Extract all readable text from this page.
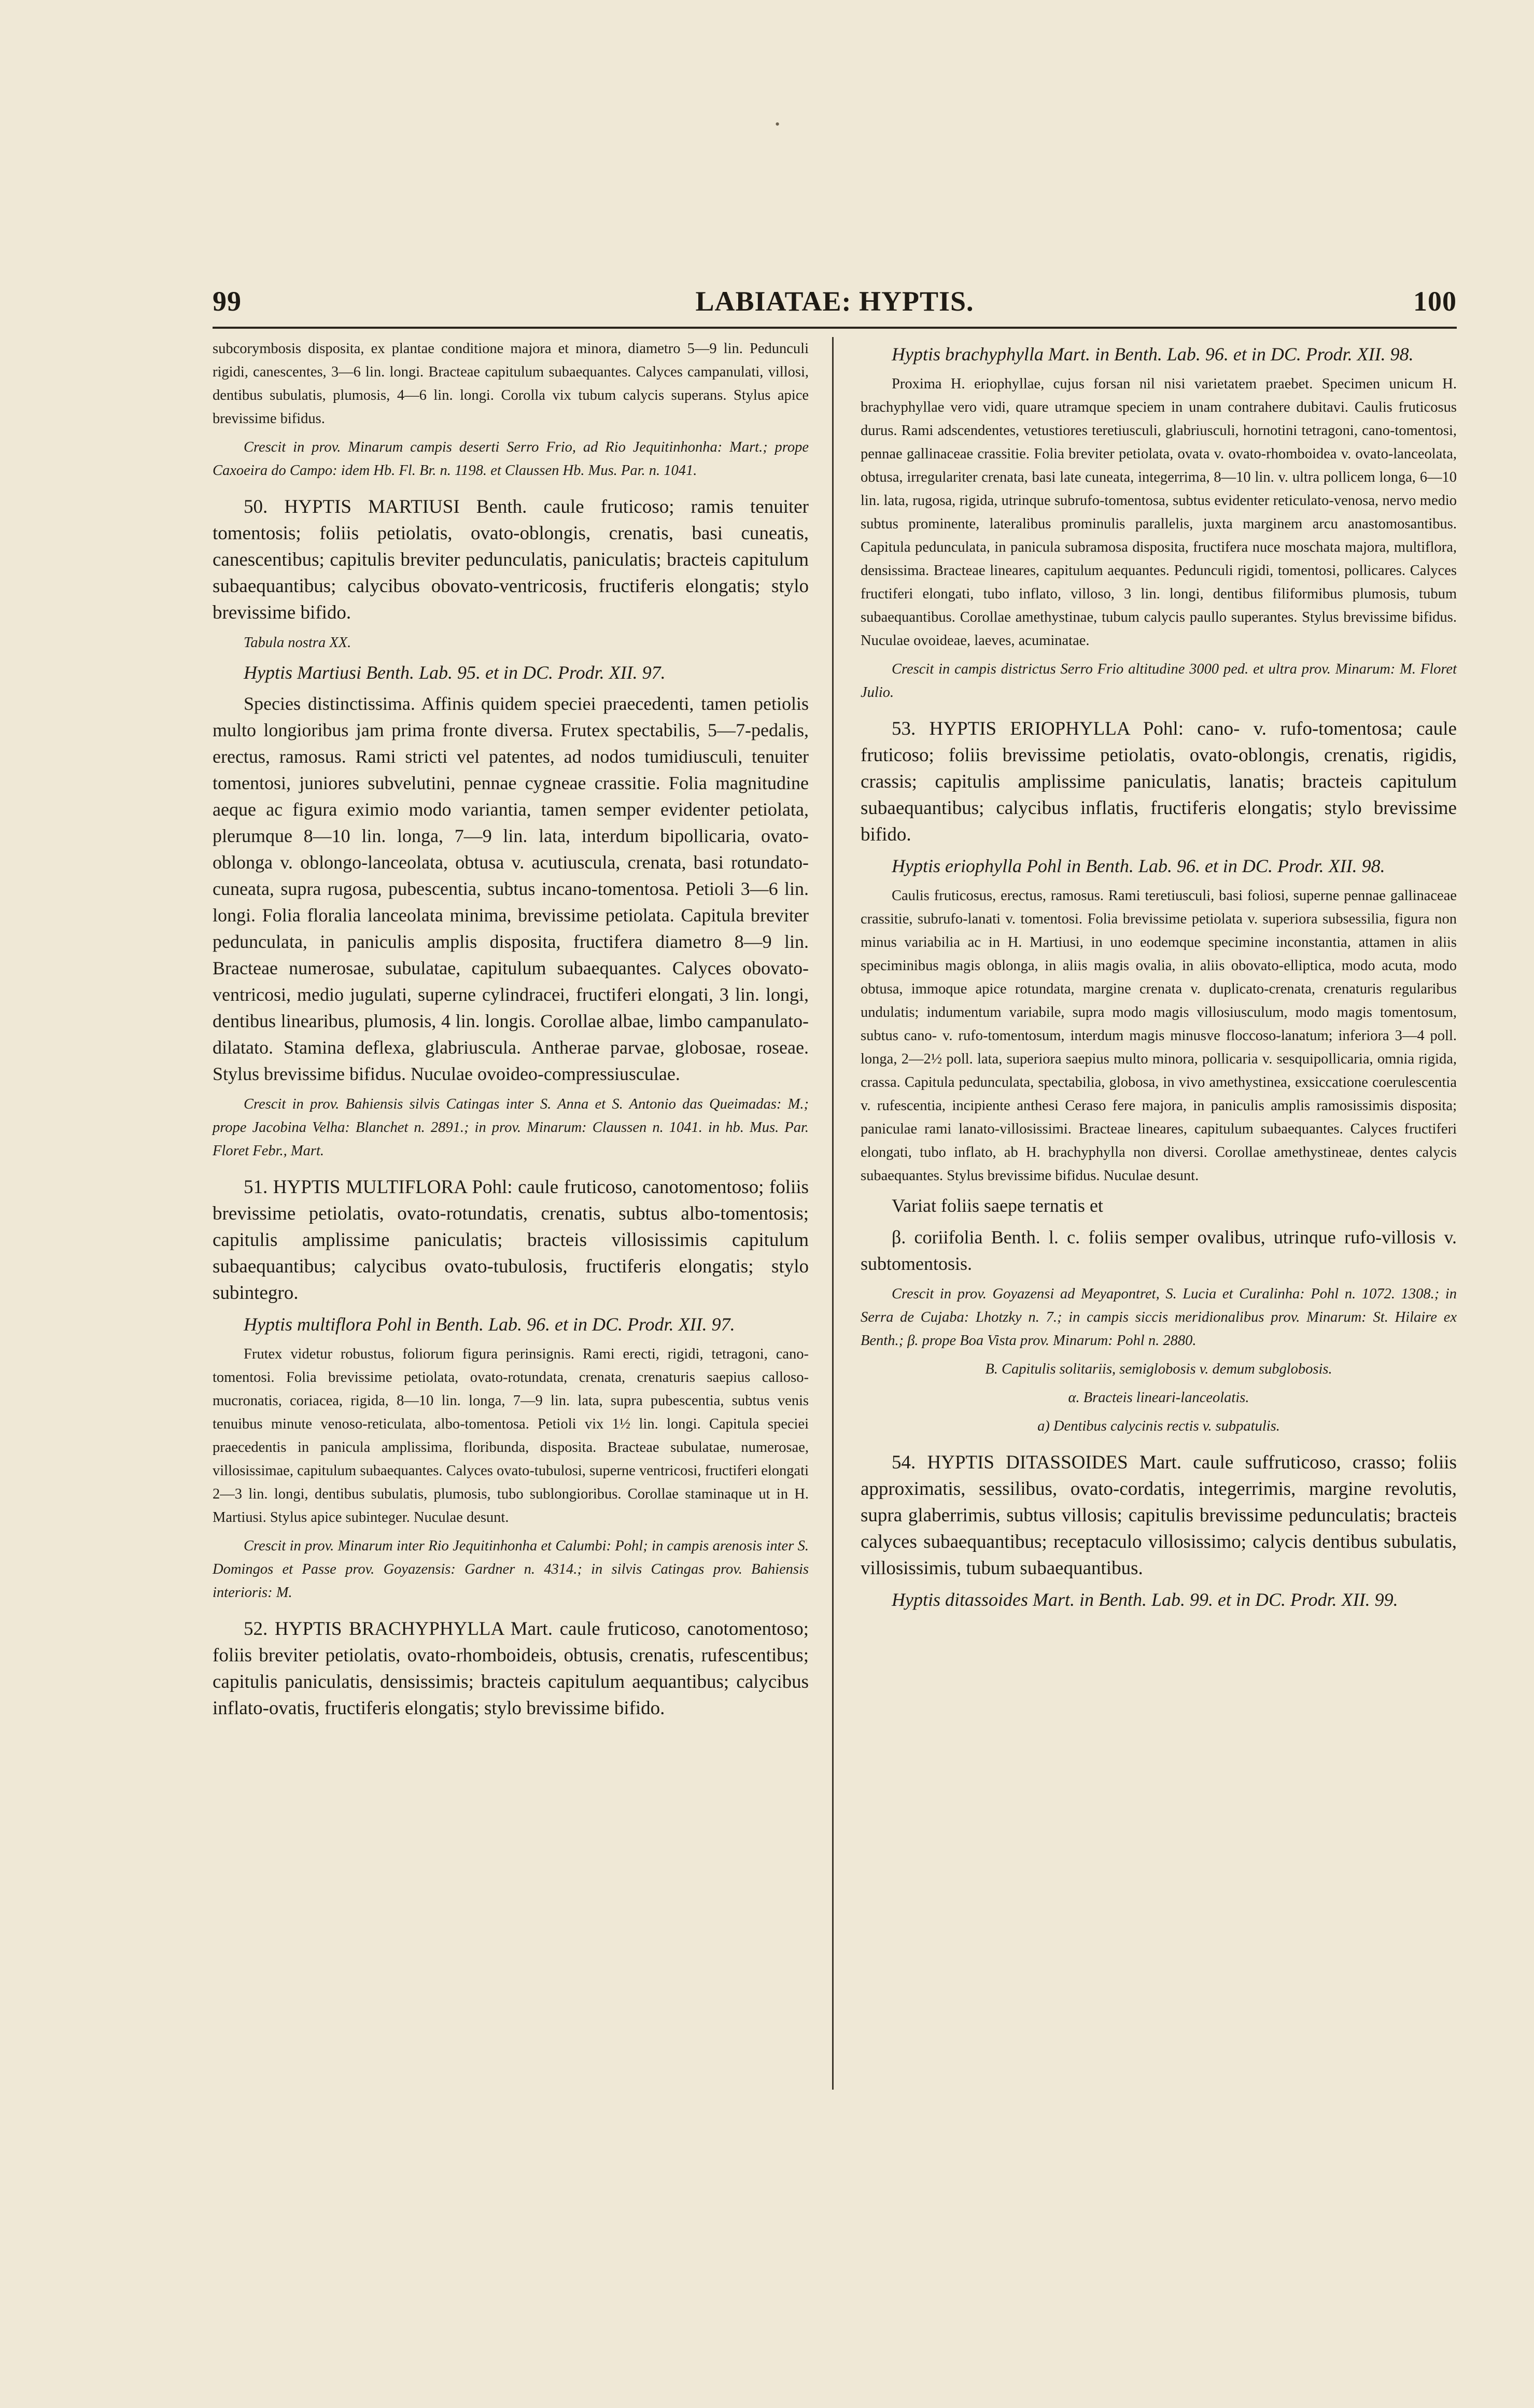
•
99	LABIATAE: HYPTIS.	100

subcorymbosis disposita, ex plantae conditione majora et minora, diametro 5—9 lin. Pedunculi rigidi, canescentes, 3—6 lin. longi. Bracteae capitulum subaequantes. Calyces campanulati, villosi, dentibus subulatis, plumosis, 4—6 lin. longi. Corolla vix tubum calycis superans. Stylus apice brevissime bifidus.

Crescit in prov. Minarum campis deserti Serro Frio, ad Rio Jequitinhonha: Mart.; prope Caxoeira do Campo: idem Hb. Fl. Br. n. 1198. et Claussen Hb. Mus. Par. n. 1041.

50. HYPTIS MARTIUSI Benth. caule fruticoso; ramis tenuiter tomentosis; foliis petiolatis, ovato-oblongis, crenatis, basi cuneatis, canescentibus; capitulis breviter pedunculatis, paniculatis; bracteis capitulum subaequantibus; calycibus obovato-ventricosis, fructiferis elongatis; stylo brevissime bifido.

Tabula nostra XX.

Hyptis Martiusi Benth. Lab. 95. et in DC. Prodr. XII. 97.

Species distinctissima. Affinis quidem speciei praecedenti, tamen petiolis multo longioribus jam prima fronte diversa. Frutex spectabilis, 5—7-pedalis, erectus, ramosus. Rami stricti vel patentes, ad nodos tumidiusculi, tenuiter tomentosi, juniores subvelutini, pennae cygneae crassitie. Folia magnitudine aeque ac figura eximio modo variantia, tamen semper evidenter petiolata, plerumque 8—10 lin. longa, 7—9 lin. lata, interdum bipollicaria, ovato-oblonga v. oblongo-lanceolata, obtusa v. acutiuscula, crenata, basi rotundato-cuneata, supra rugosa, pubescentia, subtus incano-tomentosa. Petioli 3—6 lin. longi. Folia floralia lanceolata minima, brevissime petiolata. Capitula breviter pedunculata, in paniculis amplis disposita, fructifera diametro 8—9 lin. Bracteae numerosae, subulatae, capitulum subaequantes. Calyces obovato-ventricosi, medio jugulati, superne cylindracei, fructiferi elongati, 3 lin. longi, dentibus linearibus, plumosis, 4 lin. longis. Corollae albae, limbo campanulato-dilatato. Stamina deflexa, glabriusculа. Antherae parvae, globosae, roseae. Stylus brevissime bifidus. Nuculae ovoideo-compressiusculae.

Crescit in prov. Bahiensis silvis Catingas inter S. Anna et S. Antonio das Queimadas: M.; prope Jacobina Velha: Blanchet n. 2891.; in prov. Minarum: Claussen n. 1041. in hb. Mus. Par. Floret Febr., Mart.

51. HYPTIS MULTIFLORA Pohl: caule fruticoso, canotomentoso; foliis brevissime petiolatis, ovato-rotundatis, crenatis, subtus albo-tomentosis; capitulis amplissime paniculatis; bracteis villosissimis capitulum subaequantibus; calycibus ovato-tubulosis, fructiferis elongatis; stylo subintegro.

Hyptis multiflora Pohl in Benth. Lab. 96. et in DC. Prodr. XII. 97.

Frutex videtur robustus, foliorum figura perinsignis. Rami erecti, rigidi, tetragoni, cano-tomentosi. Folia brevissime petiolata, ovato-rotundata, crenata, crenaturis saepius calloso-mucronatis, coriacea, rigida, 8—10 lin. longa, 7—9 lin. lata, supra pubescentia, subtus venis tenuibus minute venoso-reticulata, albo-tomentosa. Petioli vix 1½ lin. longi. Capitula speciei praecedentis in panicula amplissima, floribunda, disposita. Bracteae subulatae, numerosae, villosissimae, capitulum subaequantes. Calyces ovato-tubulosi, superne ventricosi, fructiferi elongati 2—3 lin. longi, dentibus subulatis, plumosis, tubo sublongioribus. Corollae staminaque ut in H. Martiusi. Stylus apice subinteger. Nuculae desunt.

Crescit in prov. Minarum inter Rio Jequitinhonha et Calumbi: Pohl; in campis arenosis inter S. Domingos et Passe prov. Goyazensis: Gardner n. 4314.; in silvis Catingas prov. Bahiensis interioris: M.

52. HYPTIS BRACHYPHYLLA Mart. caule fruticoso, canotomentoso; foliis breviter petiolatis, ovato-rhomboideis, obtusis, crenatis, rufescentibus; capitulis paniculatis, densissimis; bracteis capitulum aequantibus; calycibus inflato-ovatis, fructiferis elongatis; stylo brevissime bifido.

Hyptis brachyphylla Mart. in Benth. Lab. 96. et in DC. Prodr. XII. 98.

Proxima H. eriophyllae, cujus forsan nil nisi varietatem praebet. Specimen unicum H. brachyphyllae vero vidi, quare utramque speciem in unam contrahere dubitavi. Caulis fruticosus durus. Rami adscendentes, vetustiores teretiusculi, glabriusculi, hornotini tetragoni, cano-tomentosi, pennae gallinaceae crassitie. Folia breviter petiolata, ovata v. ovato-rhomboidea v. ovato-lanceolata, obtusa, irregulariter crenata, basi late cuneata, integerrima, 8—10 lin. v. ultra pollicem longa, 6—10 lin. lata, rugosa, rigida, utrinque subrufo-tomentosa, subtus evidenter reticulato-venosa, nervo medio subtus prominente, lateralibus prominulis parallelis, juxta marginem arcu anastomosantibus. Capitula pedunculata, in panicula subramosa disposita, fructifera nuce moschata majora, multiflora, densissima. Bracteae lineares, capitulum aequantes. Pedunculi rigidi, tomentosi, pollicares. Calyces fructiferi elongati, tubo inflato, villoso, 3 lin. longi, dentibus filiformibus plumosis, tubum subaequantibus. Corollae amethystinae, tubum calycis paullo superantes. Stylus brevissime bifidus. Nuculae ovoideae, laeves, acuminatae.

Crescit in campis districtus Serro Frio altitudine 3000 ped. et ultra prov. Minarum: M. Floret Julio.

53. HYPTIS ERIOPHYLLA Pohl: cano- v. rufo-tomentosa; caule fruticoso; foliis brevissime petiolatis, ovato-oblongis, crenatis, rigidis, crassis; capitulis amplissime paniculatis, lanatis; bracteis capitulum subaequantibus; calycibus inflatis, fructiferis elongatis; stylo brevissime bifido.

Hyptis eriophylla Pohl in Benth. Lab. 96. et in DC. Prodr. XII. 98.

Caulis fruticosus, erectus, ramosus. Rami teretiusculi, basi foliosi, superne pennae gallinaceae crassitie, subrufo-lanati v. tomentosi. Folia brevissime petiolata v. superiora subsessilia, figura non minus variabilia ac in H. Martiusi, in uno eodemque specimine inconstantia, attamen in aliis speciminibus magis oblonga, in aliis magis ovalia, in aliis obovato-elliptica, modo acuta, modo obtusa, immoque apice rotundata, margine crenata v. duplicato-crenata, crenaturis regularibus undulatis; indumentum variabile, supra modo magis villosiusculum, modo magis tomentosum, subtus cano- v. rufo-tomentosum, interdum magis minusve floccoso-lanatum; inferiora 3—4 poll. longa, 2—2½ poll. lata, superiora saepius multo minora, pollicaria v. sesquipollicaria, omnia rigida, crassa. Capitula pedunculata, spectabilia, globosa, in vivo amethystinea, exsiccatione coerulescentia v. rufescentia, incipiente anthesi Ceraso fere majora, in paniculis amplis ramosissimis disposita; paniculae rami lanato-villosissimi. Bracteae lineares, capitulum subaequantes. Calyces fructiferi elongati, tubo inflato, ab H. brachyphylla non diversi. Corollae amethystineae, dentes calycis subaequantes. Stylus brevissime bifidus. Nuculae desunt.

Variat foliis saepe ternatis et

β. coriifolia Benth. l. c. foliis semper ovalibus, utrinque rufo-villosis v. subtomentosis.

Crescit in prov. Goyazensi ad Meyapontret, S. Lucia et Curalinha: Pohl n. 1072. 1308.; in Serra de Cujaba: Lhotzky n. 7.; in campis siccis meridionalibus prov. Minarum: St. Hilaire ex Benth.; β. prope Boa Vista prov. Minarum: Pohl n. 2880.

B. Capitulis solitariis, semiglobosis v. demum subglobosis.

α. Bracteis lineari-lanceolatis.

a) Dentibus calycinis rectis v. subpatulis.

54. HYPTIS DITASSOIDES Mart. caule suffruticoso, crasso; foliis approximatis, sessilibus, ovato-cordatis, integerrimis, margine revolutis, supra glaberrimis, subtus villosis; capitulis brevissime pedunculatis; bracteis calyces subaequantibus; receptaculo villosissimo; calycis dentibus subulatis, villosissimis, tubum subaequantibus.

Hyptis ditassoides Mart. in Benth. Lab. 99. et in DC. Prodr. XII. 99.
